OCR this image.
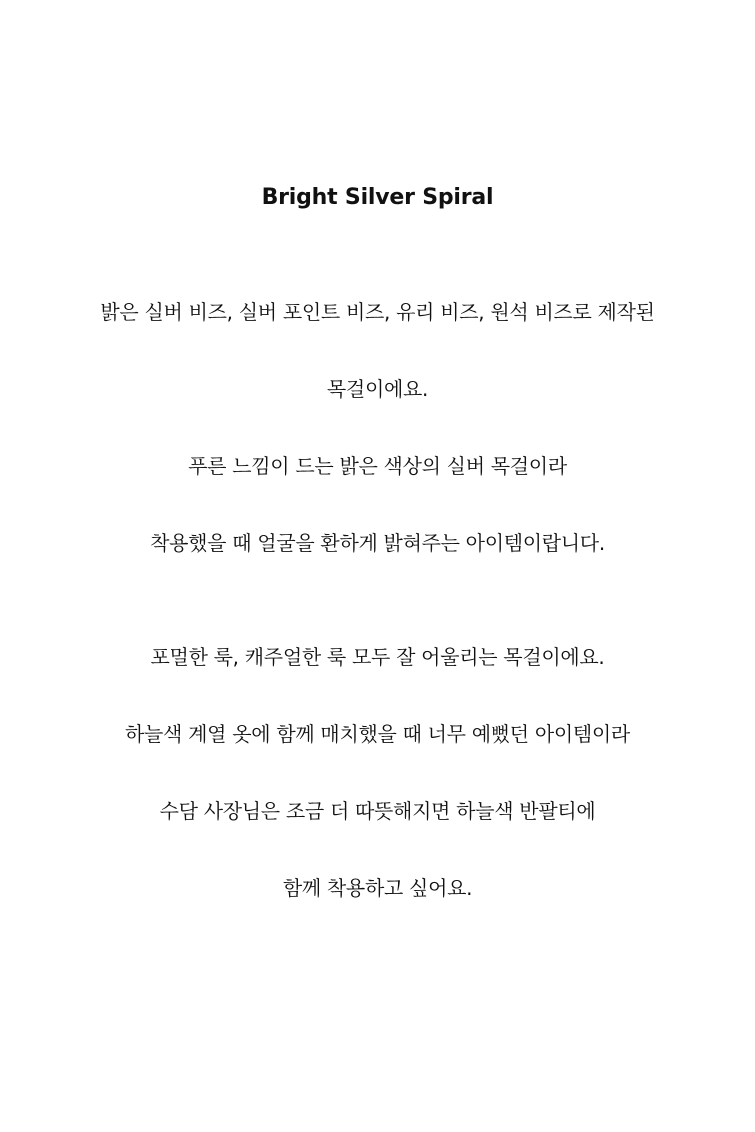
Bright Silver Spiral
밝은 실버 비즈, 실버 포인트 비즈, 유리 비즈, 원석 비즈로 제작된
목걸이에요.
푸른 느낌이 드는 밝은 색상의 실버 목걸이라
착용했을 때 얼굴을 환하게 밝혀주는 아이템이랍니다.
포멀한 룩, 캐주얼한 룩 모두 잘 어울리는 목걸이에요.
하늘색 계열 옷에 함께 매치했을 때 너무 예뻤던 아이템이라
수담 사장님은 조금 더 따뜻해지면 하늘색 반팔티에
함께 착용하고 싶어요.
